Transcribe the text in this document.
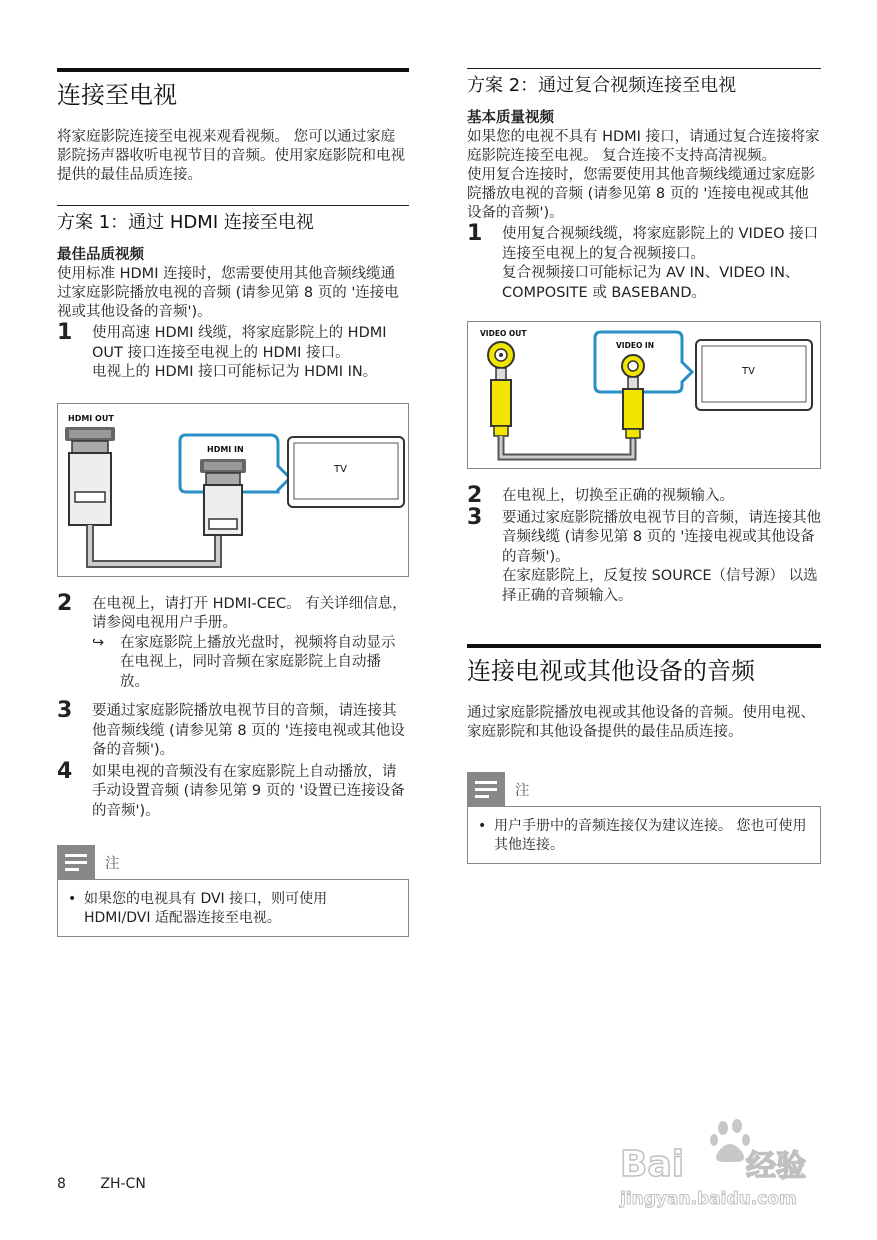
连接至电视

将家庭影院连接至电视来观看视频。 您可以通过家庭影院扬声器收听电视节目的音频。使用家庭影院和电视提供的最佳品质连接。

方案 1：通过 HDMI 连接至电视
最佳品质视频

使用标准 HDMI 连接时，您需要使用其他音频线缆通过家庭影院播放电视的音频 (请参见第 8 页的 '连接电视或其他设备的音频')。

1 使用高速 HDMI 线缆，将家庭影院上的 HDMI OUT 接口连接至电视上的 HDMI 接口。
电视上的 HDMI 接口可能标记为 HDMI IN。
HDMI OUT
HDMI IN
TV
2 在电视上，请打开 HDMI-CEC。 有关详细信息，请参阅电视用户手册。
↪ 在家庭影院上播放光盘时，视频将自动显示在电视上，同时音频在家庭影院上自动播放。
3 要通过家庭影院播放电视节目的音频，请连接其他音频线缆 (请参见第 8 页的 '连接电视或其他设备的音频')。
4 如果电视的音频没有在家庭影院上自动播放，请手动设置音频 (请参见第 9 页的 '设置已连接设备的音频')。
注
• 如果您的电视具有 DVI 接口，则可使用 HDMI/DVI 适配器连接至电视。
方案 2：通过复合视频连接至电视
基本质量视频

如果您的电视不具有 HDMI 接口，请通过复合连接将家庭影院连接至电视。 复合连接不支持高清视频。

使用复合连接时，您需要使用其他音频线缆通过家庭影院播放电视的音频 (请参见第 8 页的 '连接电视或其他设备的音频')。

1 使用复合视频线缆，将家庭影院上的 VIDEO 接口连接至电视上的复合视频接口。
复合视频接口可能标记为 AV IN、VIDEO IN、COMPOSITE 或 BASEBAND。
VIDEO OUT
VIDEO IN
TV
2 在电视上，切换至正确的视频输入。
3 要通过家庭影院播放电视节目的音频，请连接其他音频线缆 (请参见第 8 页的 '连接电视或其他设备的音频')。
在家庭影院上，反复按 SOURCE（信号源） 以选择正确的音频输入。
连接电视或其他设备的音频

通过家庭影院播放电视或其他设备的音频。使用电视、家庭影院和其他设备提供的最佳品质连接。

注
• 用户手册中的音频连接仅为建议连接。 您也可使用其他连接。
8 ZH-CN	Bai 经验
jingyan.baidu.com
